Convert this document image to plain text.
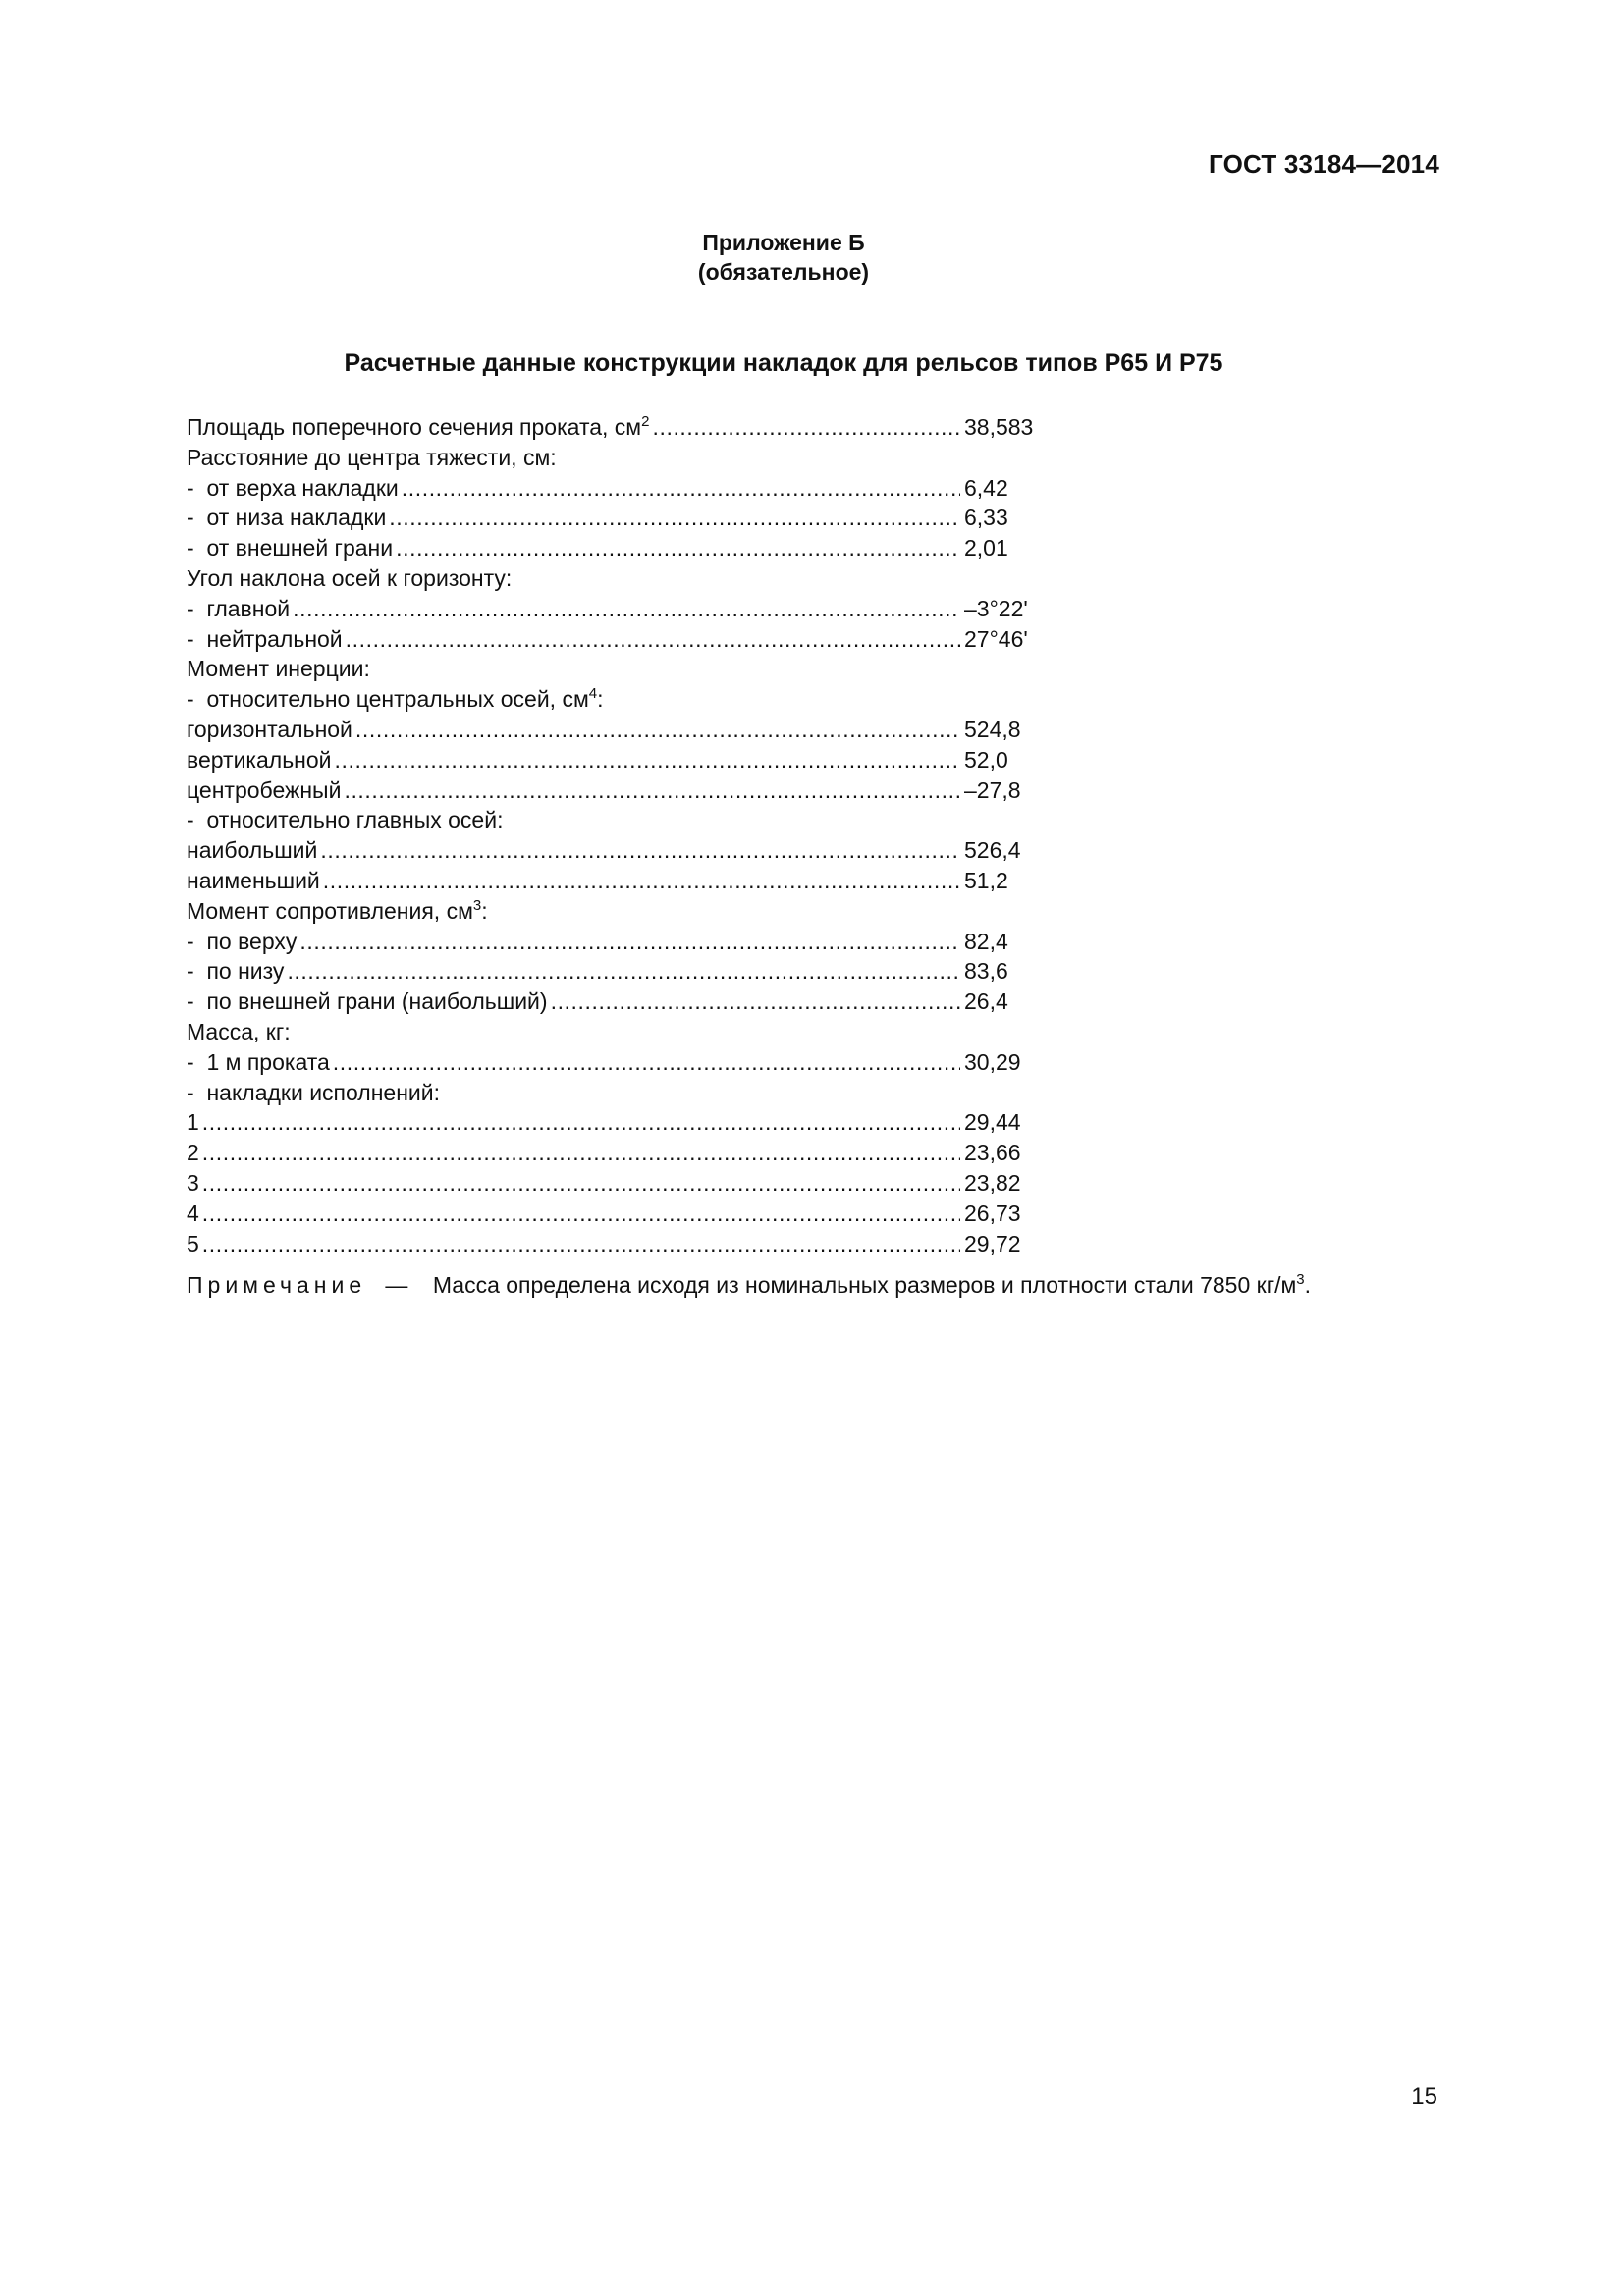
ГОСТ 33184—2014
Приложение Б
(обязательное)
Расчетные данные конструкции накладок для рельсов типов Р65 И Р75
Площадь поперечного сечения проката, $см^2$ .....	38,583
Расстояние до центра тяжести, см:
-  от верха накладки .....	6,42
-  от низа накладки .....	6,33
-  от внешней грани .....	2,01
Угол наклона осей к горизонту:
-  главной .....	–3°22'
-  нейтральной .....	27°46'
Момент инерции:
-  относительно центральных осей, $см^4$:
горизонтальной .....	524,8
вертикальной .....	52,0
центробежный .....	–27,8
-  относительно главных осей:
наибольший .....	526,4
наименьший .....	51,2
Момент сопротивления, $см^3$:
-  по верху .....	82,4
-  по низу .....	83,6
-  по внешней грани (наибольший) .....	26,4
Масса, кг:
-  1 м проката .....	30,29
-  накладки исполнений:
1 .....	29,44
2 .....	23,66
3 .....	23,82
4 .....	26,73
5 .....	29,72
Примечание — Масса определена исходя из номинальных размеров и плотности стали 7850 $кг/м^3$.
15
